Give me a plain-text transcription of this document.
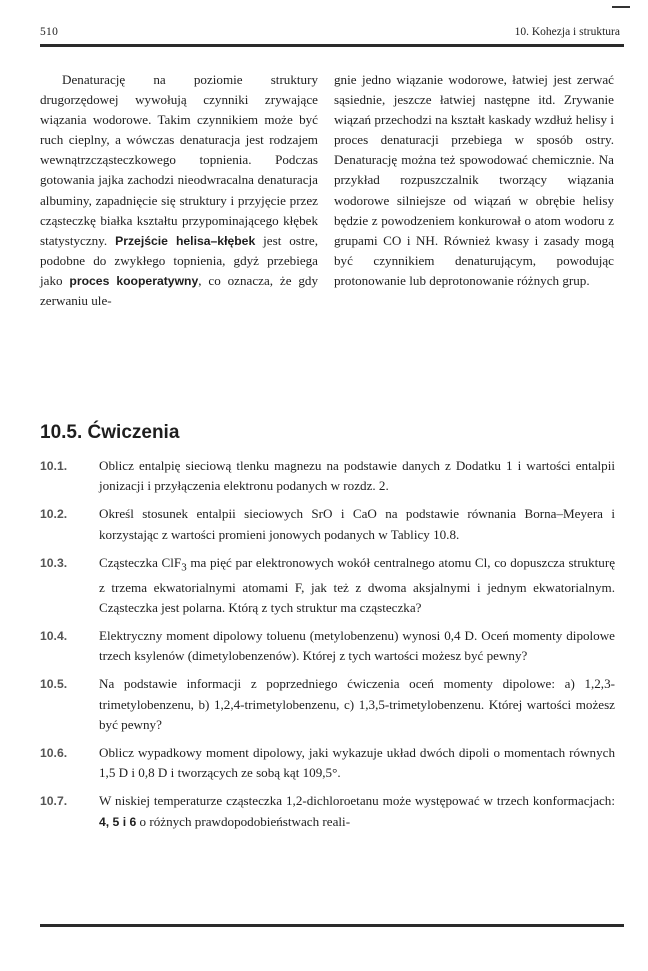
510	10. Kohezja i struktura

Denaturację na poziomie struktury drugorzędowej wywołują czynniki zrywające wiązania wodorowe. Takim czynnikiem może być ruch cieplny, a wówczas denaturacja jest rodzajem wewnątrzcząsteczkowego topnienia. Podczas gotowania jajka zachodzi nieodwracalna denaturacja albuminy, zapadnięcie się struktury i przyjęcie przez cząsteczkę białka kształtu przypominającego kłębek statystyczny. Przejście helisa–kłębek jest ostre, podobne do zwykłego topnienia, gdyż przebiega jako proces kooperatywny, co oznacza, że gdy zerwaniu ule-

gnie jedno wiązanie wodorowe, łatwiej jest zerwać sąsiednie, jeszcze łatwiej następne itd. Zrywanie wiązań przechodzi na kształt kaskady wzdłuż helisy i proces denaturacji przebiega w sposób ostry. Denaturację można też spowodować chemicznie. Na przykład rozpuszczalnik tworzący wiązania wodorowe silniejsze od wiązań w obrębie helisy będzie z powodzeniem konkurował o atom wodoru z grupami CO i NH. Również kwasy i zasady mogą być czynnikiem denaturującym, powodując protonowanie lub deprotonowanie różnych grup.

10.5. Ćwiczenia
10.1. Oblicz entalpię sieciową tlenku magnezu na podstawie danych z Dodatku 1 i wartości entalpii jonizacji i przyłączenia elektronu podanych w rozdz. 2.
10.2. Określ stosunek entalpii sieciowych SrO i CaO na podstawie równania Borna–Meyera i korzystając z wartości promieni jonowych podanych w Tablicy 10.8.
10.3. Cząsteczka ClF$_3$ ma pięć par elektronowych wokół centralnego atomu Cl, co dopuszcza strukturę z trzema ekwatorialnymi atomami F, jak też z dwoma aksjalnymi i jednym ekwatorialnym. Cząsteczka jest polarna. Którą z tych struktur ma cząsteczka?
10.4. Elektryczny moment dipolowy toluenu (metylobenzenu) wynosi 0,4 D. Oceń momenty dipolowe trzech ksylenów (dimetylobenzenów). Której z tych wartości możesz być pewny?
10.5. Na podstawie informacji z poprzedniego ćwiczenia oceń momenty dipolowe: a) 1,2,3-trimetylobenzenu, b) 1,2,4-trimetylobenzenu, c) 1,3,5-trimetylobenzenu. Której wartości możesz być pewny?
10.6. Oblicz wypadkowy moment dipolowy, jaki wykazuje układ dwóch dipoli o momentach równych 1,5 D i 0,8 D i tworzących ze sobą kąt 109,5°.
10.7. W niskiej temperaturze cząsteczka 1,2-dichloroetanu może występować w trzech konformacjach: 4, 5 i 6 o różnych prawdopodobieństwach reali-
